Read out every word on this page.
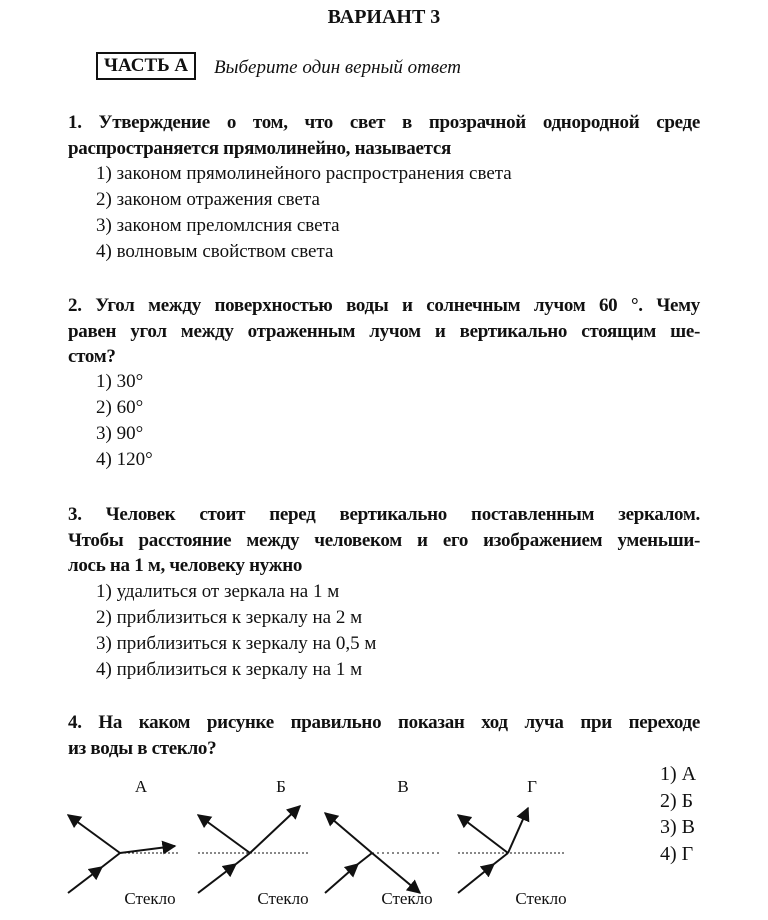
ВАРИАНТ 3
ЧАСТЬ А	Выберите один верный ответ
1. Утверждение о том, что свет в прозрачной однородной среде
распространяется прямолинейно, называется
1) законом прямолинейного распространения света
2) законом отражения света
3) законом преломлсния света
4) волновым свойством света
2. Угол между поверхностью воды и солнечным лучом 60 °. Чему
равен угол между отраженным лучом и вертикально стоящим ше-
стом?
1) 30°
2) 60°
3) 90°
4) 120°
3. Человек стоит перед вертикально поставленным зеркалом.
Чтобы расстояние между человеком и его изображением уменьши-
лось на 1 м, человеку нужно
1) удалиться от зеркала на 1 м
2) приблизиться к зеркалу на 2 м
3) приблизиться к зеркалу на 0,5 м
4) приблизиться к зеркалу на 1 м
4. На каком рисунке правильно показан ход луча при переходе
из воды в стекло?
А	Б	В	Г
Стекло	Стекло	Стекло	Стекло
1) А
2) Б
3) В
4) Г
